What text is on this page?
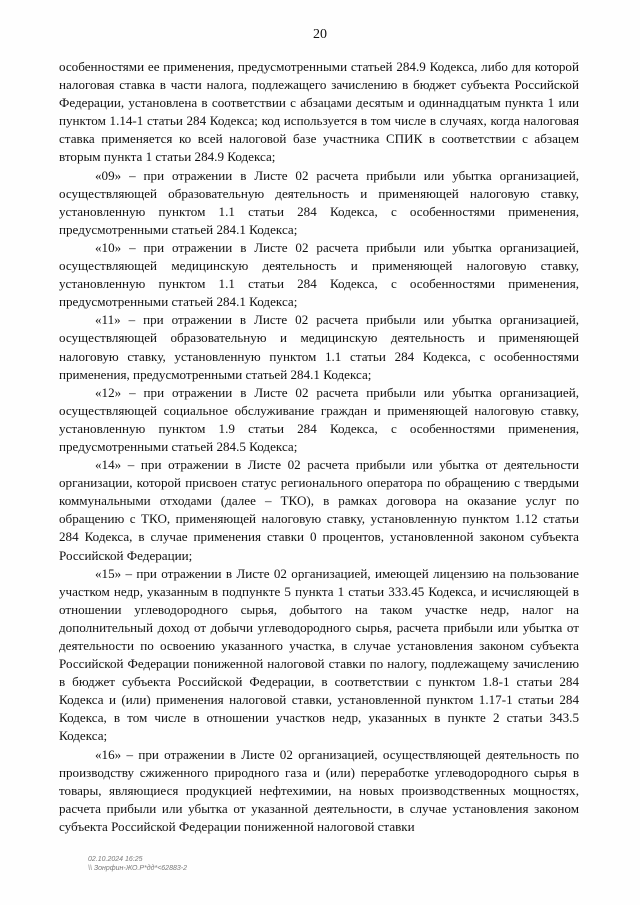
20

особенностями ее применения, предусмотренными статьей 284.9 Кодекса, либо для которой налоговая ставка в части налога, подлежащего зачислению в бюджет субъекта Российской Федерации, установлена в соответствии с абзацами десятым и одиннадцатым пункта 1 или пунктом 1.14-1 статьи 284 Кодекса; код используется в том числе в случаях, когда налоговая ставка применяется ко всей налоговой базе участника СПИК в соответствии с абзацем вторым пункта 1 статьи 284.9 Кодекса;

«09» – при отражении в Листе 02 расчета прибыли или убытка организацией, осуществляющей образовательную деятельность и применяющей налоговую ставку, установленную пунктом 1.1 статьи 284 Кодекса, с особенностями применения, предусмотренными статьей 284.1 Кодекса;

«10» – при отражении в Листе 02 расчета прибыли или убытка организацией, осуществляющей медицинскую деятельность и применяющей налоговую ставку, установленную пунктом 1.1 статьи 284 Кодекса, с особенностями применения, предусмотренными статьей 284.1 Кодекса;

«11» – при отражении в Листе 02 расчета прибыли или убытка организацией, осуществляющей образовательную и медицинскую деятельность и применяющей налоговую ставку, установленную пунктом 1.1 статьи 284 Кодекса, с особенностями применения, предусмотренными статьей 284.1 Кодекса;

«12» – при отражении в Листе 02 расчета прибыли или убытка организацией, осуществляющей социальное обслуживание граждан и применяющей налоговую ставку, установленную пунктом 1.9 статьи 284 Кодекса, с особенностями применения, предусмотренными статьей 284.5 Кодекса;

«14» – при отражении в Листе 02 расчета прибыли или убытка от деятельности организации, которой присвоен статус регионального оператора по обращению с твердыми коммунальными отходами (далее – ТКО), в рамках договора на оказание услуг по обращению с ТКО, применяющей налоговую ставку, установленную пунктом 1.12 статьи 284 Кодекса, в случае применения ставки 0 процентов, установленной законом субъекта Российской Федерации;

«15» – при отражении в Листе 02 организацией, имеющей лицензию на пользование участком недр, указанным в подпункте 5 пункта 1 статьи 333.45 Кодекса, и исчисляющей в отношении углеводородного сырья, добытого на таком участке недр, налог на дополнительный доход от добычи углеводородного сырья, расчета прибыли или убытка от деятельности по освоению указанного участка, в случае установления законом субъекта Российской Федерации пониженной налоговой ставки по налогу, подлежащему зачислению в бюджет субъекта Российской Федерации, в соответствии с пунктом 1.8-1 статьи 284 Кодекса и (или) применения налоговой ставки, установленной пунктом 1.17-1 статьи 284 Кодекса, в том числе в отношении участков недр, указанных в пункте 2 статьи 343.5 Кодекса;

«16» – при отражении в Листе 02 организацией, осуществляющей деятельность по производству сжиженного природного газа и (или) переработке углеводородного сырья в товары, являющиеся продукцией нефтехимии, на новых производственных мощностях, расчета прибыли или убытка от указанной деятельности, в случае установления законом субъекта Российской Федерации пониженной налоговой ставки

02.10.2024 16:25
\\ Зонрфин-ЖО.Р*дд*<62883-2
